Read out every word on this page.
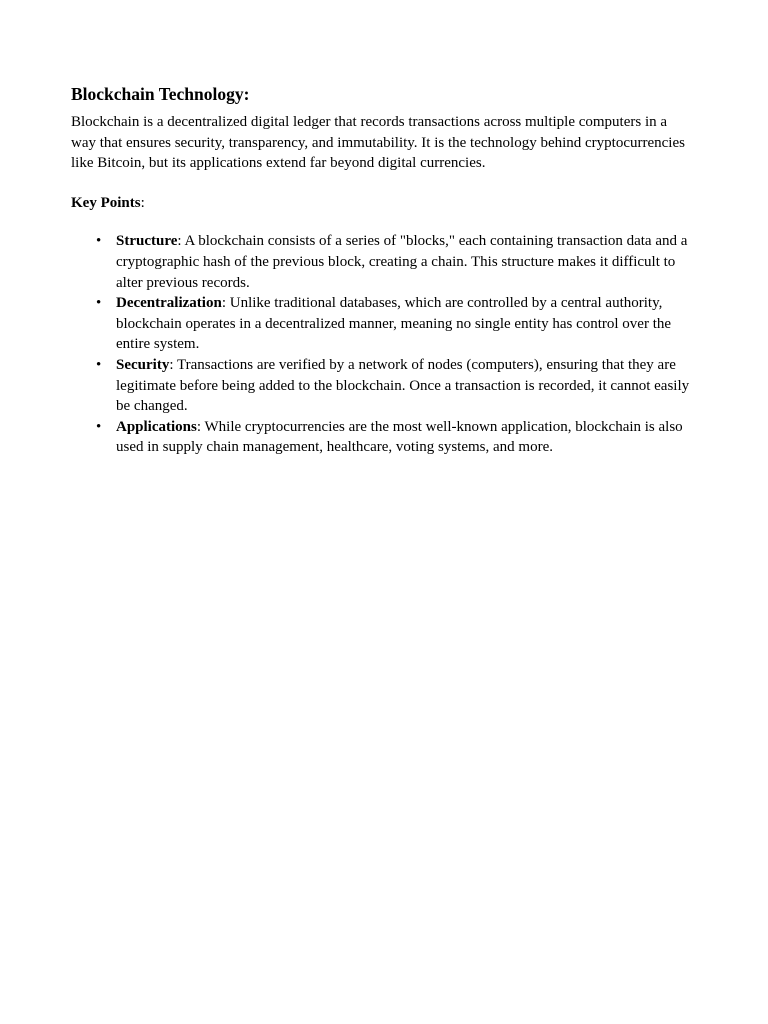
Blockchain Technology:

Blockchain is a decentralized digital ledger that records transactions across multiple computers in a way that ensures security, transparency, and immutability. It is the technology behind cryptocurrencies like Bitcoin, but its applications extend far beyond digital currencies.

Key Points:

• Structure: A blockchain consists of a series of "blocks," each containing transaction data and a cryptographic hash of the previous block, creating a chain. This structure makes it difficult to alter previous records.
• Decentralization: Unlike traditional databases, which are controlled by a central authority, blockchain operates in a decentralized manner, meaning no single entity has control over the entire system.
• Security: Transactions are verified by a network of nodes (computers), ensuring that they are legitimate before being added to the blockchain. Once a transaction is recorded, it cannot easily be changed.
• Applications: While cryptocurrencies are the most well-known application, blockchain is also used in supply chain management, healthcare, voting systems, and more.
